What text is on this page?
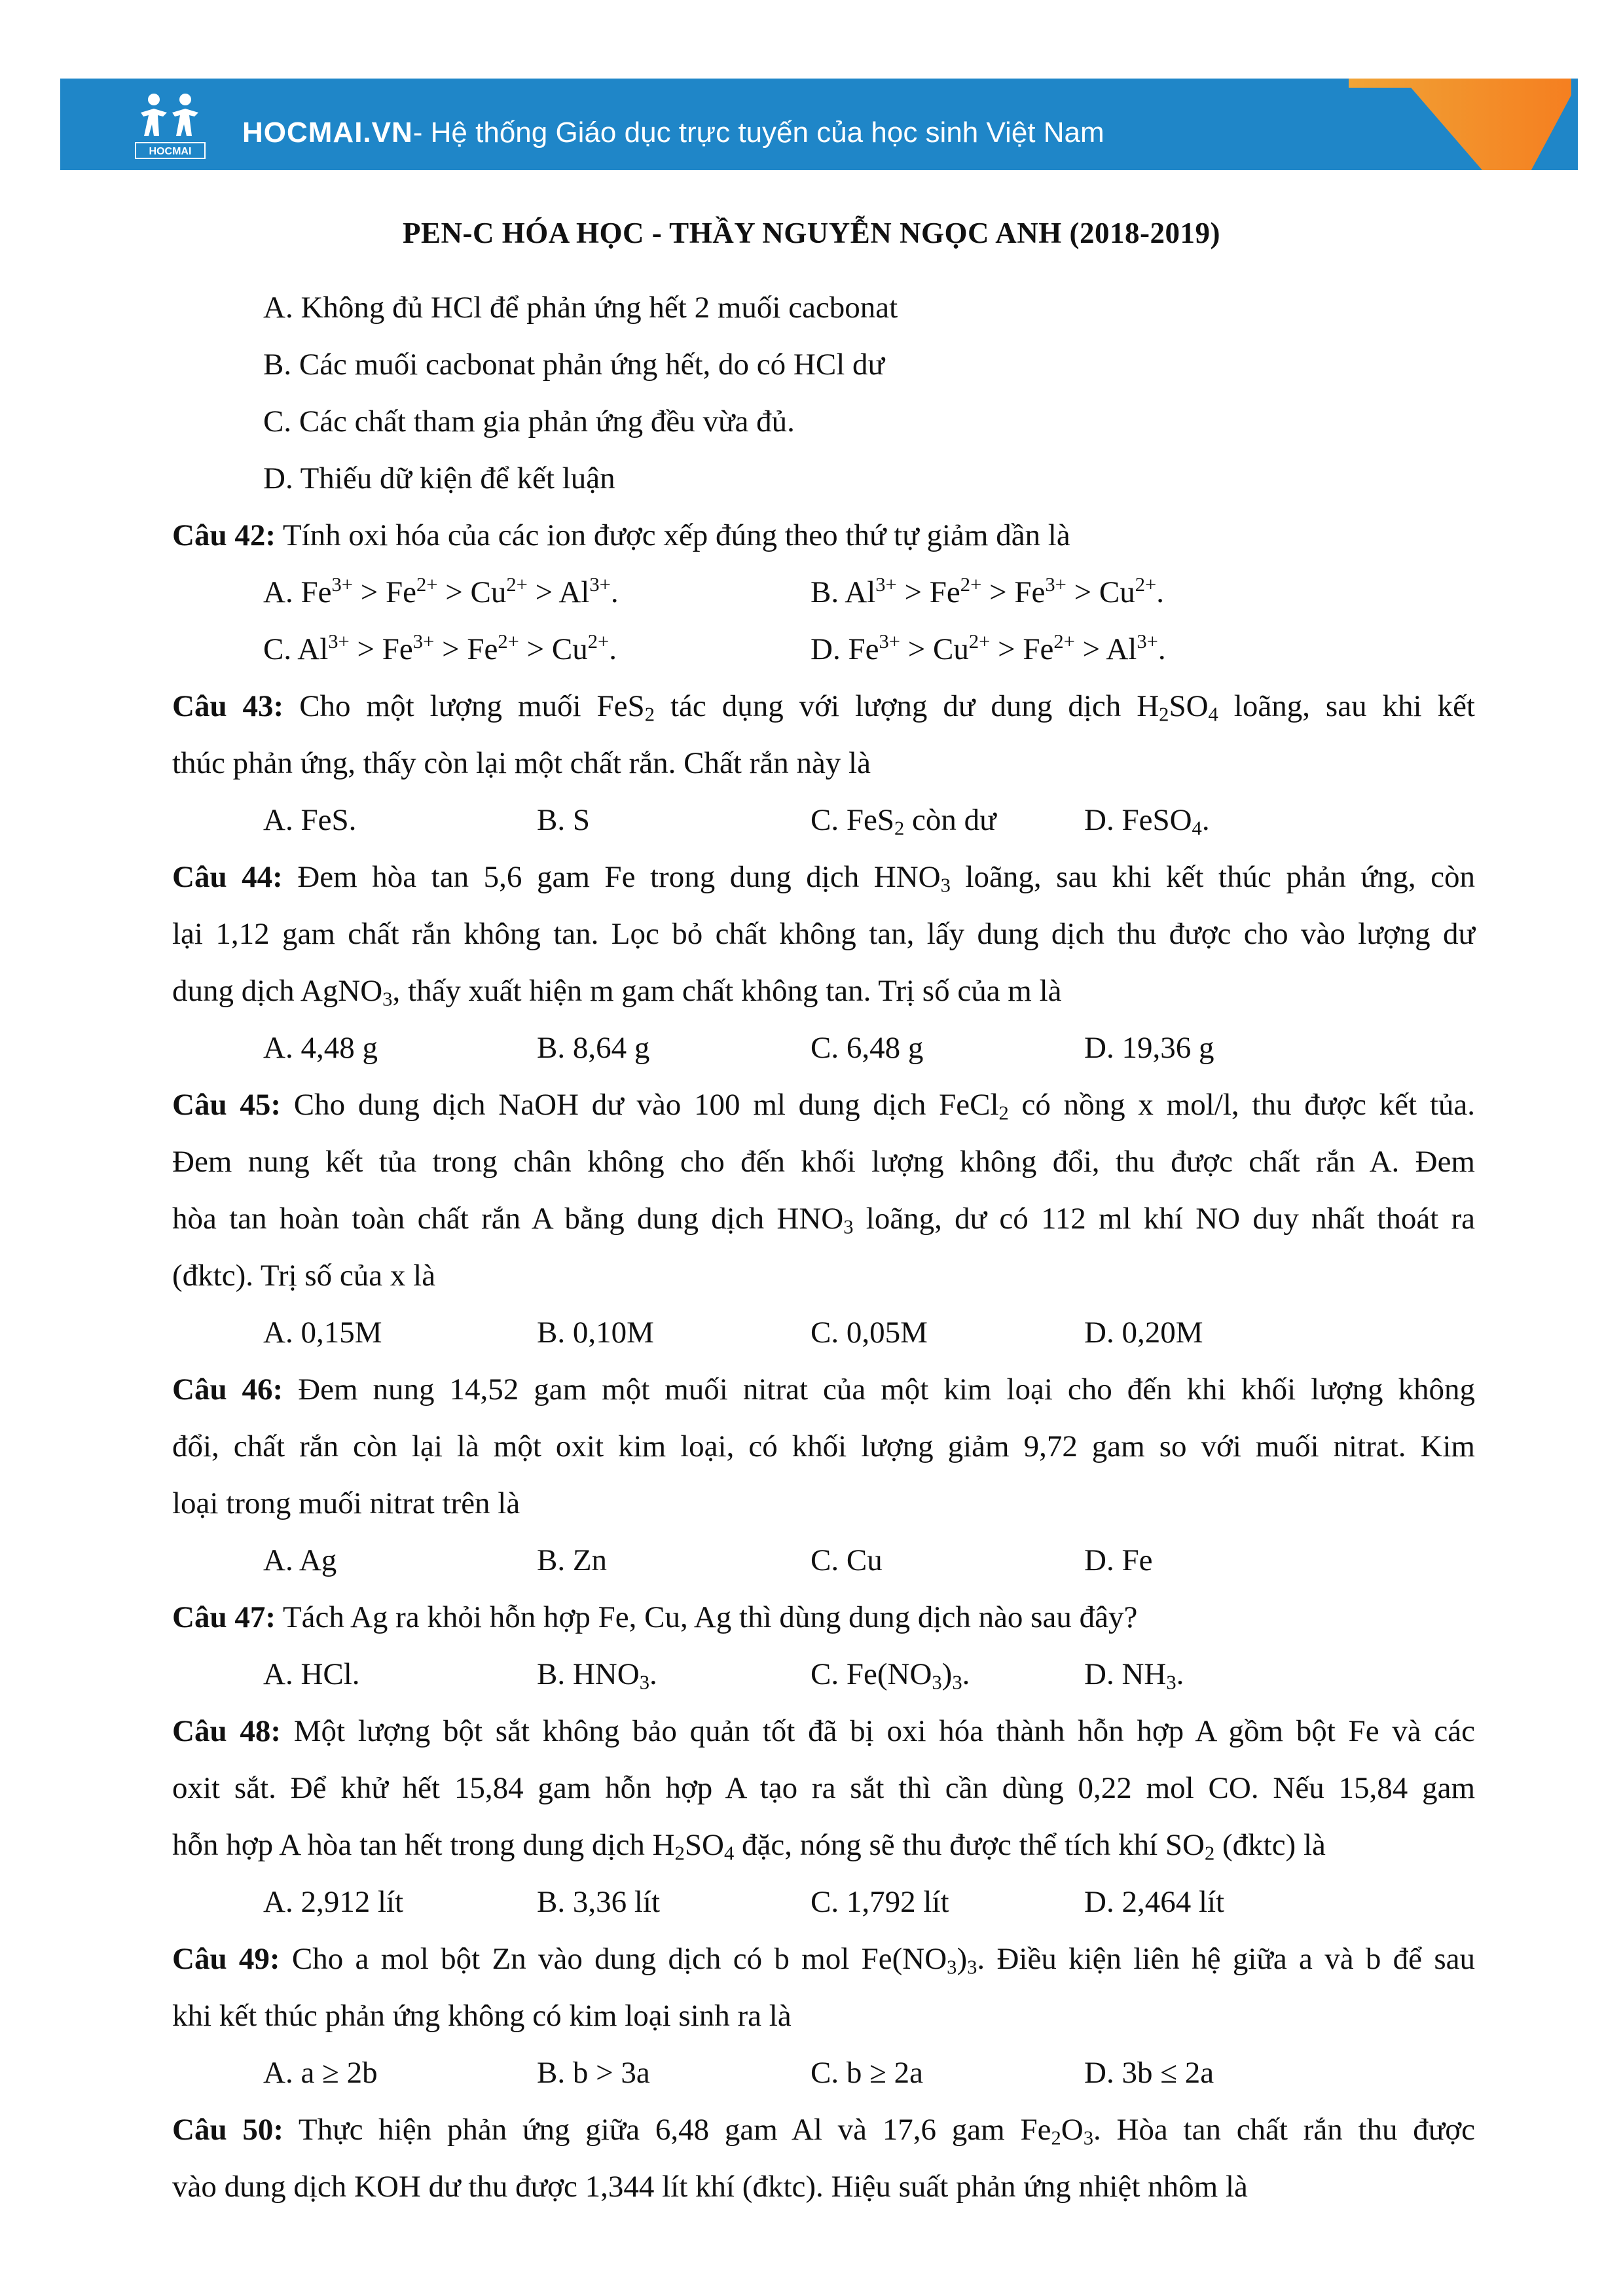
HOCMAI
HOCMAI.VN - Hệ thống Giáo dục trực tuyến của học sinh Việt Nam
PEN-C HÓA HỌC - THẦY NGUYỄN NGỌC ANH (2018-2019)
A. Không đủ HCl để phản ứng hết 2 muối cacbonat
B. Các muối cacbonat phản ứng hết, do có HCl dư
C. Các chất tham gia phản ứng đều vừa đủ.
D. Thiếu dữ kiện để kết luận
Câu 42: Tính oxi hóa của các ion được xếp đúng theo thứ tự giảm dần là
A. $Fe^{3+} > Fe^{2+} > Cu^{2+} > Al^{3+}$.	B. $Al^{3+} > Fe^{2+} > Fe^{3+} > Cu^{2+}$.
C. $Al^{3+} > Fe^{3+} > Fe^{2+} > Cu^{2+}$.	D. $Fe^{3+} > Cu^{2+} > Fe^{2+} > Al^{3+}$.
Câu 43: Cho một lượng muối FeS$_2$ tác dụng với lượng dư dung dịch $H_2SO_4$ loãng, sau khi kết
thúc phản ứng, thấy còn lại một chất rắn. Chất rắn này là
A. FeS.	B. S	C. FeS$_2$ còn dư	D. FeSO$_4$.
Câu 44: Đem hòa tan 5,6 gam Fe trong dung dịch $HNO_3$ loãng, sau khi kết thúc phản ứng, còn
lại 1,12 gam chất rắn không tan. Lọc bỏ chất không tan, lấy dung dịch thu được cho vào lượng dư
dung dịch AgNO$_3$, thấy xuất hiện m gam chất không tan. Trị số của m là
A. 4,48 g	B. 8,64 g	C. 6,48 g	D. 19,36 g
Câu 45: Cho dung dịch NaOH dư vào 100 ml dung dịch FeCl$_2$ có nồng x mol/l, thu được kết tủa.
Đem nung kết tủa trong chân không cho đến khối lượng không đổi, thu được chất rắn A. Đem
hòa tan hoàn toàn chất rắn A bằng dung dịch $HNO_3$ loãng, dư có 112 ml khí NO duy nhất thoát ra
(đktc). Trị số của x là
A. 0,15M	B. 0,10M	C. 0,05M	D. 0,20M
Câu 46: Đem nung 14,52 gam một muối nitrat của một kim loại cho đến khi khối lượng không
đổi, chất rắn còn lại là một oxit kim loại, có khối lượng giảm 9,72 gam so với muối nitrat. Kim
loại trong muối nitrat trên là
A. Ag	B. Zn	C. Cu	D. Fe
Câu 47: Tách Ag ra khỏi hỗn hợp Fe, Cu, Ag thì dùng dung dịch nào sau đây?
A. HCl.	B. $HNO_3$.	C. $Fe(NO_3)_3$.	D. $NH_3$.
Câu 48: Một lượng bột sắt không bảo quản tốt đã bị oxi hóa thành hỗn hợp A gồm bột Fe và các
oxit sắt. Để khử hết 15,84 gam hỗn hợp A tạo ra sắt thì cần dùng 0,22 mol CO. Nếu 15,84 gam
hỗn hợp A hòa tan hết trong dung dịch $H_2SO_4$ đặc, nóng sẽ thu được thể tích khí $SO_2$ (đktc) là
A. 2,912 lít	B. 3,36 lít	C. 1,792 lít	D. 2,464 lít
Câu 49: Cho a mol bột Zn vào dung dịch có b mol $Fe(NO_3)_3$. Điều kiện liên hệ giữa a và b để sau
khi kết thúc phản ứng không có kim loại sinh ra là
A. a ≥ 2b	B. b > 3a	C. b ≥ 2a	D. 3b ≤ 2a
Câu 50: Thực hiện phản ứng giữa 6,48 gam Al và 17,6 gam $Fe_2O_3$. Hòa tan chất rắn thu được
vào dung dịch KOH dư thu được 1,344 lít khí (đktc). Hiệu suất phản ứng nhiệt nhôm là
